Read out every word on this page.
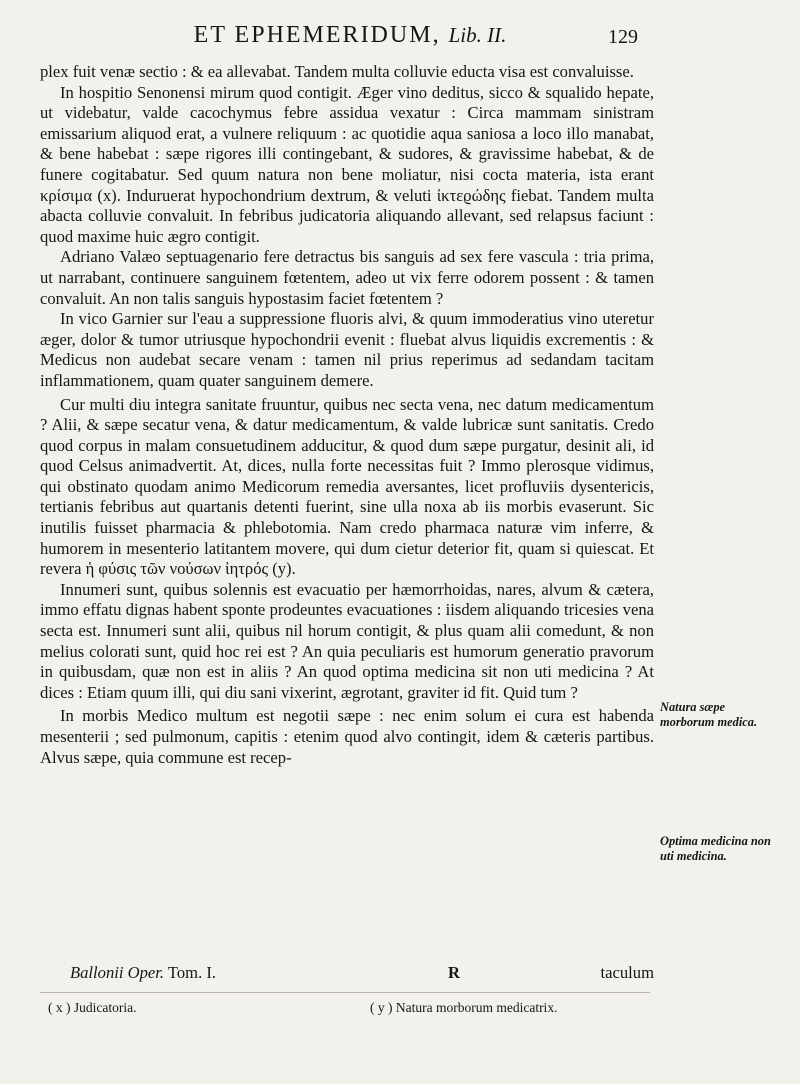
ET EPHEMERIDUM, Lib. II.	129

plex fuit venæ sectio : & ea allevabat. Tandem multa colluvie educta visa est convaluisse.

In hospitio Senonensi mirum quod contigit. Æger vino deditus, sicco & squalido hepate, ut videbatur, valde cacochymus febre assidua vexatur : Circa mammam sinistram emissarium aliquod erat, a vulnere reliquum : ac quotidie aqua saniosa a loco illo manabat, & bene habebat : sæpe rigores illi contingebant, & sudores, & gravissime habebat, & de funere cogitabatur. Sed quum natura non bene moliatur, nisi cocta materia, ista erant κρίσιμα (x). Induruerat hypochondrium dextrum, & veluti ἰκτεϱώδης fiebat. Tandem multa abacta colluvie convaluit. In febribus judicatoria aliquando allevant, sed relapsus faciunt : quod maxime huic ægro contigit.

Adriano Valæo septuagenario fere detractus bis sanguis ad sex fere vascula : tria prima, ut narrabant, continuere sanguinem fœtentem, adeo ut vix ferre odorem possent : & tamen convaluit. An non talis sanguis hypostasim faciet fœtentem ?

In vico Garnier sur l'eau a suppressione fluoris alvi, & quum immoderatius vino uteretur æger, dolor & tumor utriusque hypochondrii evenit : fluebat alvus liquidis excrementis : & Medicus non audebat secare venam : tamen nil prius reperimus ad sedandam tacitam inflammationem, quam quater sanguinem demere.

Cur multi diu integra sanitate fruuntur, quibus nec secta vena, nec datum medicamentum ? Alii, & sæpe secatur vena, & datur medicamentum, & valde lubricæ sunt sanitatis. Credo quod corpus in malam consuetudinem adducitur, & quod dum sæpe purgatur, desinit ali, id quod Celsus animadvertit. At, dices, nulla forte necessitas fuit ? Immo plerosque vidimus, qui obstinato quodam animo Medicorum remedia aversantes, licet profluviis dysentericis, tertianis febribus aut quartanis detenti fuerint, sine ulla noxa ab iis morbis evaserunt. Sic inutilis fuisset pharmacia & phlebotomia. Nam credo pharmaca naturæ vim inferre, & humorem in mesenterio latitantem movere, qui dum cietur deterior fit, quam si quiescat. Et revera ἡ φύσις τῶν νούσων ἰητρός (y).

Innumeri sunt, quibus solennis est evacuatio per hæmorrhoidas, nares, alvum & cætera, immo effatu dignas habent sponte prodeuntes evacuationes : iisdem aliquando tricesies vena secta est. Innumeri sunt alii, quibus nil horum contigit, & plus quam alii comedunt, & non melius colorati sunt, quid hoc rei est ? An quia peculiaris est humorum generatio pravorum in quibusdam, quæ non est in aliis ? An quod optima medicina sit non uti medicina ? At dices : Etiam quum illi, qui diu sani vixerint, ægrotant, graviter id fit. Quid tum ?

In morbis Medico multum est negotii sæpe : nec enim solum ei cura est habenda mesenterii ; sed pulmonum, capitis : etenim quod alvo contingit, idem & cæteris partibus. Alvus sæpe, quia commune est recep-

Natura sæpe morborum medica.
Optima medicina non uti medicina.
Ballonii Oper. Tom. I.	R	taculum
( x ) Judicatoria.	( y ) Natura morborum medicatrix.
